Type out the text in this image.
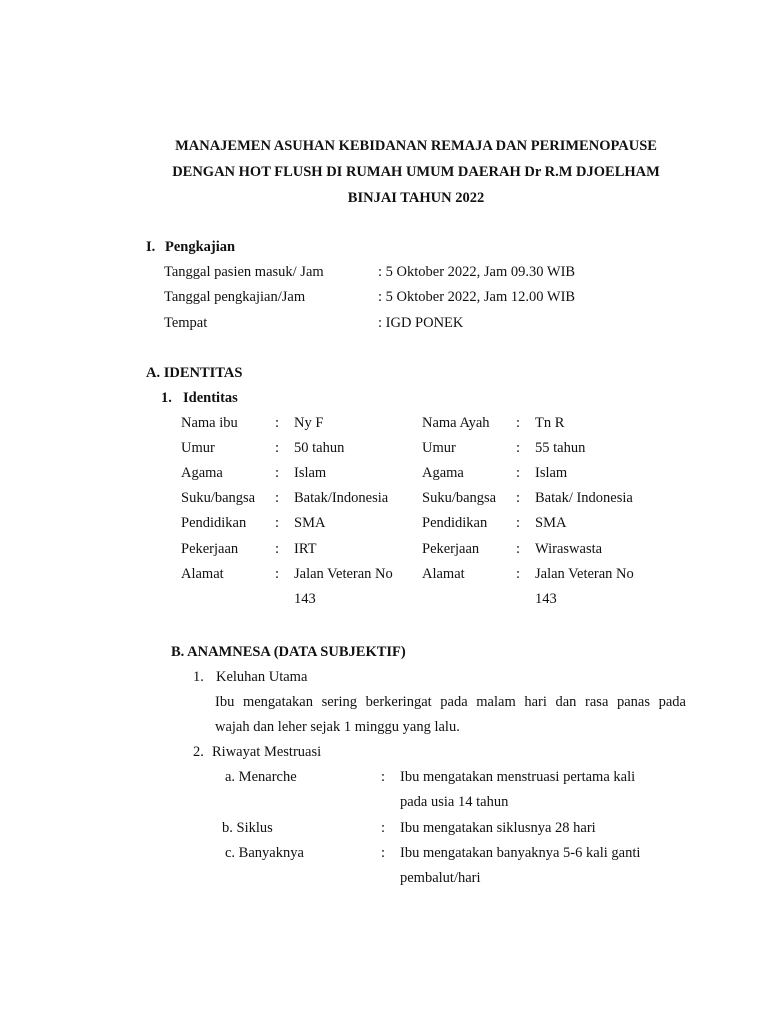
MANAJEMEN ASUHAN KEBIDANAN REMAJA DAN PERIMENOPAUSE
DENGAN HOT FLUSH DI RUMAH UMUM DAERAH Dr R.M DJOELHAM
BINJAI TAHUN 2022
I. Pengkajian
Tanggal pasien masuk/ Jam	: 5 Oktober 2022, Jam 09.30 WIB
Tanggal pengkajian/Jam	: 5 Oktober 2022, Jam 12.00 WIB
Tempat	: IGD PONEK
A. IDENTITAS
1. Identitas
Nama ibu	: Ny F	Nama Ayah : Tn R
Umur	: 50 tahun	Umur	: 55 tahun
Agama	: Islam	Agama	: Islam
Suku/bangsa : Batak/Indonesia Suku/bangsa : Batak/ Indonesia
Pendidikan : SMA	Pendidikan : SMA
Pekerjaan	: IRT	Pekerjaan	: Wiraswasta
Alamat	: Jalan Veteran No Alamat	: Jalan Veteran No
143	143
B. ANAMNESA (DATA SUBJEKTIF)
1. Keluhan Utama
Ibu mengatakan sering berkeringat pada malam hari dan rasa panas pada
wajah dan leher sejak 1 minggu yang lalu.
2. Riwayat Mestruasi
a. Menarche	: Ibu mengatakan menstruasi pertama kali
pada usia 14 tahun
b. Siklus	: Ibu mengatakan siklusnya 28 hari
c. Banyaknya	: Ibu mengatakan banyaknya 5-6 kali ganti
pembalut/hari
